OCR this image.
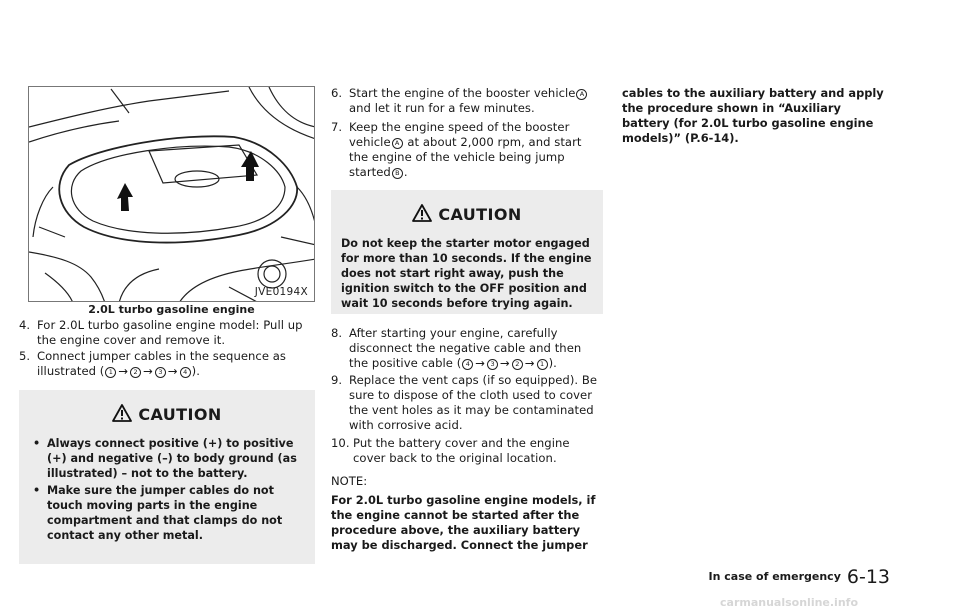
JVE0194X
2.0L turbo gasoline engine
4. For 2.0L turbo gasoline engine model: Pull up the engine cover and remove it.
5. Connect jumper cables in the sequence as illustrated ( 1 → 2 → 3 → 4 ).
CAUTION
• Always connect positive (+) to positive (+) and negative (–) to body ground (as illustrated) – not to the battery.
• Make sure the jumper cables do not touch moving parts in the engine compartment and that clamps do not contact any other metal.
6. Start the engine of the booster vehicle A and let it run for a few minutes.
7. Keep the engine speed of the booster vehicle A at about 2,000 rpm, and start the engine of the vehicle being jump started B .
CAUTION
Do not keep the starter motor engaged for more than 10 seconds. If the engine does not start right away, push the ignition switch to the OFF position and wait 10 seconds before trying again.
8. After starting your engine, carefully disconnect the negative cable and then the positive cable ( 4 → 3 → 2 → 1 ).
9. Replace the vent caps (if so equipped). Be sure to dispose of the cloth used to cover the vent holes as it may be contaminated with corrosive acid.
10. Put the battery cover and the engine cover back to the original location.
NOTE:
For 2.0L turbo gasoline engine models, if the engine cannot be started after the procedure above, the auxiliary battery may be discharged. Connect the jumper
cables to the auxiliary battery and apply the procedure shown in “Auxiliary battery (for 2.0L turbo gasoline engine models)” (P.6-14).
In case of emergency 6-13
carmanualsonline.info
